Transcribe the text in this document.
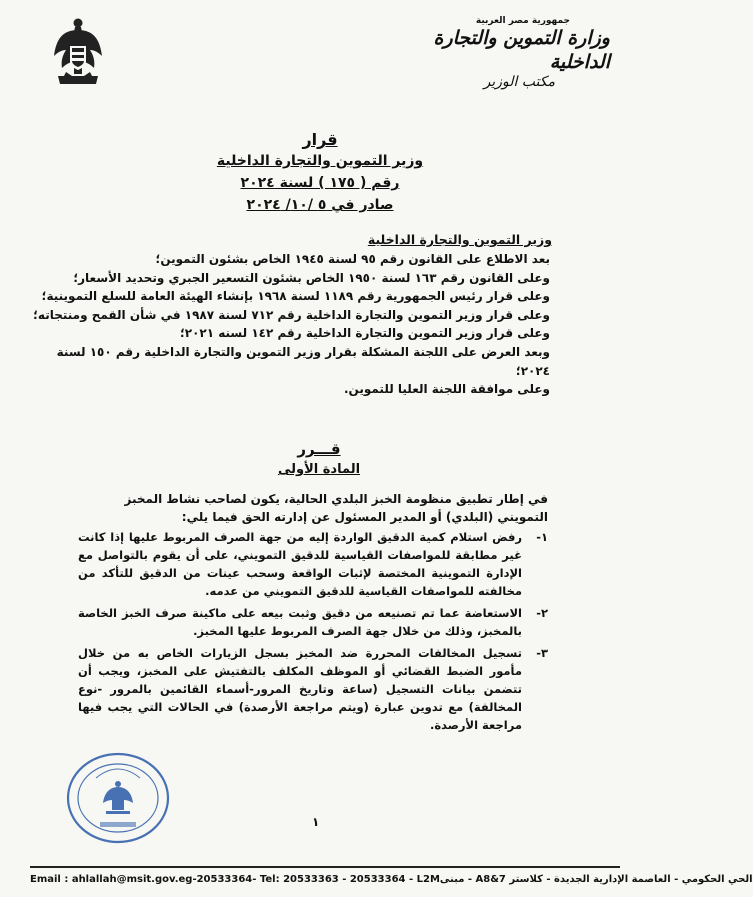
جمهورية مصر العربية
وزارة التموين والتجارة الداخلية
مكتب الوزير
قرار
وزير التموين والتجارة الداخلية
رقم ( ١٧٥ ) لسنة ٢٠٢٤
صادر في ٥ /١٠/ ٢٠٢٤
وزير التموين والتجارة الداخلية
بعد الاطلاع على القانون رقم ٩٥ لسنة ١٩٤٥ الخاص بشئون التموين؛
وعلى القانون رقم ١٦٣ لسنة ١٩٥٠ الخاص بشئون التسعير الجبري وتحديد الأسعار؛
وعلى قرار رئيس الجمهورية رقم ١١٨٩ لسنة ١٩٦٨ بإنشاء الهيئة العامة للسلع التموينية؛
وعلى قرار وزير التموين والتجارة الداخلية رقم ٧١٢ لسنة ١٩٨٧ في شأن القمح ومنتجاته؛
وعلى قرار وزير التموين والتجارة الداخلية رقم ١٤٢ لسنه ٢٠٢١؛
وبعد العرض على اللجنة المشكلة بقرار وزير التموين والتجارة الداخلية رقم ١٥٠ لسنة
٢٠٢٤؛
وعلى موافقة اللجنة العليا للتموين.
قـــرر
المادة الأولى
في إطار تطبيق منظومة الخبز البلدي الحالية، يكون لصاحب نشاط المخبز التمويني (البلدي) أو المدير المسئول عن إدارته الحق فيما يلي:
١-
رفض استلام كمية الدقيق الواردة إليه من جهة الصرف المربوط عليها إذا كانت غير مطابقة للمواصفات القياسية للدقيق التمويني، على أن يقوم بالتواصل مع الإدارة التموينية المختصة لإثبات الواقعة وسحب عينات من الدقيق للتأكد من مخالفته للمواصفات القياسية للدقيق التمويني من عدمه.
٢-
الاستعاضة عما تم تصنيعه من دقيق وثبت بيعه على ماكينة صرف الخبز الخاصة بالمخبز، وذلك من خلال جهة الصرف المربوط عليها المخبز.
٣-
تسجيل المخالفات المحررة ضد المخبز بسجل الزيارات الخاص به من خلال مأمور الضبط القضائي أو الموظف المكلف بالتفتيش على المخبز، ويجب أن تتضمن بيانات التسجيل (ساعة وتاريخ المرور-أسماء القائمين بالمرور -نوع المخالفة) مع تدوين عبارة (ويتم مراجعة الأرصدة) في الحالات التي يجب فيها مراجعة الأرصدة.
١
Email : ahlallah@msit.gov.eg-20533364- Tel: 20533363 - 20533364 - L2M الحي الحكومي - العاصمة الإدارية الجديدة - كلاستر A8&7 - مبنى
